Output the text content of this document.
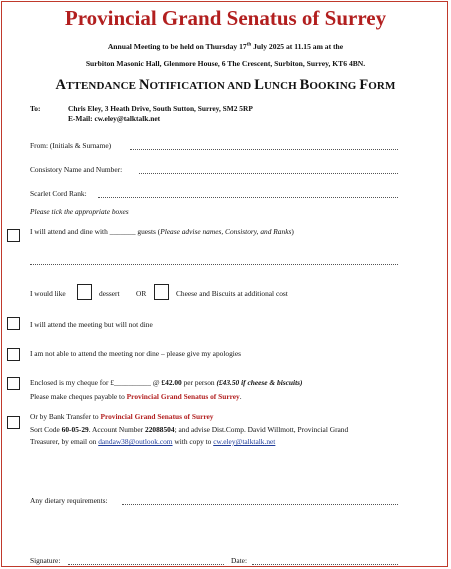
Provincial Grand Senatus of Surrey
Annual Meeting to be held on Thursday 17th July 2025 at 11.15 am at the
Surbiton Masonic Hall, Glenmore House, 6 The Crescent, Surbiton, Surrey, KT6 4BN.
ATTENDANCE NOTIFICATION AND LUNCH BOOKING FORM
To:	Chris Eley, 3 Heath Drive, South Sutton, Surrey, SM2 5RP
E-Mail: cw.eley@talktalk.net
From: (Initials & Surname)
Consistory Name and Number:
Scarlet Cord Rank:
Please tick the appropriate boxes
I will attend and dine with _______ guests (Please advise names, Consistory, and Ranks)
I would like	dessert OR	Cheese and Biscuits at additional cost
I will attend the meeting but will not dine
I am not able to attend the meeting nor dine – please give my apologies
Enclosed is my cheque for £__________ @ £42.00 per person (£43.50 if cheese & biscuits)
Please make cheques payable to Provincial Grand Senatus of Surrey.
Or by Bank Transfer to Provincial Grand Senatus of Surrey
Sort Code 60-05-29. Account Number 22088504; and advise Dist.Comp. David Willmott, Provincial Grand
Treasurer, by email on dandaw38@outlook.com with copy to cw.eley@talktalk.net
Any dietary requirements:
Signature:	Date:
